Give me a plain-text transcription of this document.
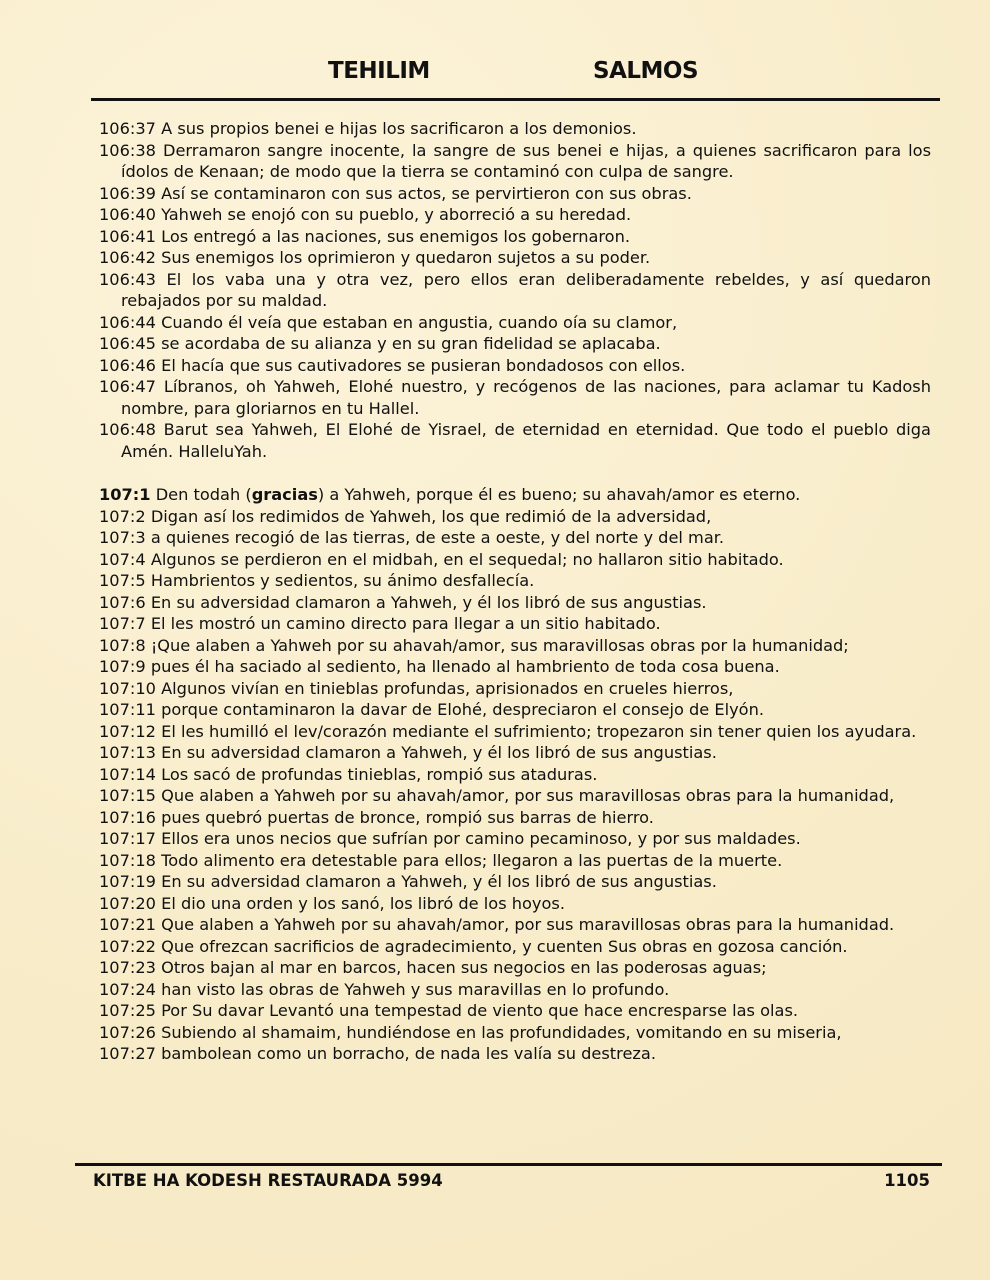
TEHILIM	SALMOS

106:37 A sus propios benei e hijas los sacrificaron a los demonios.

106:38 Derramaron sangre inocente, la sangre de sus benei e hijas, a quienes sacrificaron para los ídolos de Kenaan; de modo que la tierra se contaminó con culpa de sangre.

106:39 Así se contaminaron con sus actos, se pervirtieron con sus obras.

106:40 Yahweh se enojó con su pueblo, y aborreció a su heredad.

106:41 Los entregó a las naciones, sus enemigos los gobernaron.

106:42 Sus enemigos los oprimieron y quedaron sujetos a su poder.

106:43 El los vaba una y otra vez, pero ellos eran deliberadamente rebeldes, y así quedaron rebajados por su maldad.

106:44 Cuando él veía que estaban en angustia, cuando oía su clamor,

106:45 se acordaba de su alianza y en su gran fidelidad se aplacaba.

106:46 El hacía que sus cautivadores se pusieran bondadosos con ellos.

106:47 Líbranos, oh Yahweh, Elohé nuestro, y recógenos de las naciones, para aclamar tu Kadosh nombre, para gloriarnos en tu Hallel.

106:48 Barut sea Yahweh, El Elohé de Yisrael, de eternidad en eternidad. Que todo el pueblo diga Amén. HalleluYah.

107:1 Den todah (gracias) a Yahweh, porque él es bueno; su ahavah/amor es eterno.

107:2 Digan así los redimidos de Yahweh, los que redimió de la adversidad,

107:3 a quienes recogió de las tierras, de este a oeste, y del norte y del mar.

107:4 Algunos se perdieron en el midbah, en el sequedal; no hallaron sitio habitado.

107:5 Hambrientos y sedientos, su ánimo desfallecía.

107:6 En su adversidad clamaron a Yahweh, y él los libró de sus angustias.

107:7 El les mostró un camino directo para llegar a un sitio habitado.

107:8 ¡Que alaben a Yahweh por su ahavah/amor, sus maravillosas obras por la humanidad;

107:9 pues él ha saciado al sediento, ha llenado al hambriento de toda cosa buena.

107:10 Algunos vivían en tinieblas profundas, aprisionados en crueles hierros,

107:11 porque contaminaron la davar de Elohé, despreciaron el consejo de Elyón.

107:12 El les humilló el lev/corazón mediante el sufrimiento; tropezaron sin tener quien los ayudara.

107:13 En su adversidad clamaron a Yahweh, y él los libró de sus angustias.

107:14 Los sacó de profundas tinieblas, rompió sus ataduras.

107:15 Que alaben a Yahweh por su ahavah/amor, por sus maravillosas obras para la humanidad,

107:16 pues quebró puertas de bronce, rompió sus barras de hierro.

107:17 Ellos era unos necios que sufrían por camino pecaminoso, y por sus maldades.

107:18 Todo alimento era detestable para ellos; llegaron a las puertas de la muerte.

107:19 En su adversidad clamaron a Yahweh, y él los libró de sus angustias.

107:20 El dio una orden y los sanó, los libró de los hoyos.

107:21 Que alaben a Yahweh por su ahavah/amor, por sus maravillosas obras para la humanidad.

107:22 Que ofrezcan sacrificios de agradecimiento, y cuenten Sus obras en gozosa canción.

107:23 Otros bajan al mar en barcos, hacen sus negocios en las poderosas aguas;

107:24 han visto las obras de Yahweh y sus maravillas en lo profundo.

107:25 Por Su davar Levantó una tempestad de viento que hace encresparse las olas.

107:26 Subiendo al shamaim, hundiéndose en las profundidades, vomitando en su miseria,

107:27 bambolean como un borracho, de nada les valía su destreza.

KITBE HA KODESH RESTAURADA 5994	1105
